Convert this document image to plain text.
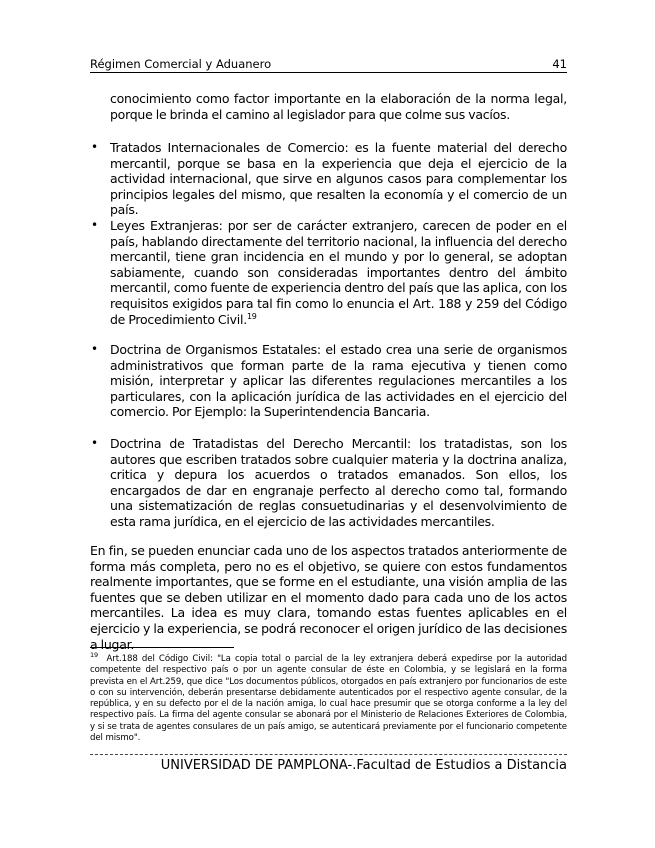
Régimen Comercial y Aduanero	41
conocimiento como factor importante en la elaboración de la norma legal, porque le brinda el camino al legislador para que colme sus vacíos.
• Tratados Internacionales de Comercio: es la fuente material del derecho mercantil, porque se basa en la experiencia que deja el ejercicio de la actividad internacional, que sirve en algunos casos para complementar los principios legales del mismo, que resalten la economía y el comercio de un país.
• Leyes Extranjeras: por ser de carácter extranjero, carecen de poder en el país, hablando directamente del territorio nacional, la influencia del derecho mercantil, tiene gran incidencia en el mundo y por lo general, se adoptan sabiamente, cuando son consideradas importantes dentro del ámbito mercantil, como fuente de experiencia dentro del país que las aplica, con los requisitos exigidos para tal fin como lo enuncia el Art. 188 y 259 del Código de Procedimiento Civil.$^{19}$
• Doctrina de Organismos Estatales: el estado crea una serie de organismos administrativos que forman parte de la rama ejecutiva y tienen como misión, interpretar y aplicar las diferentes regulaciones mercantiles a los particulares, con la aplicación jurídica de las actividades en el ejercicio del comercio. Por Ejemplo: la Superintendencia Bancaria.
• Doctrina de Tratadistas del Derecho Mercantil: los tratadistas, son los autores que escriben tratados sobre cualquier materia y la doctrina analiza, critica y depura los acuerdos o tratados emanados. Son ellos, los encargados de dar en engranaje perfecto al derecho como tal, formando una sistematización de reglas consuetudinarias y el desenvolvimiento de esta rama jurídica, en el ejercicio de las actividades mercantiles.
En fin, se pueden enunciar cada uno de los aspectos tratados anteriormente de forma más completa, pero no es el objetivo, se quiere con estos fundamentos realmente importantes, que se forme en el estudiante, una visión amplia de las fuentes que se deben utilizar en el momento dado para cada uno de los actos mercantiles. La idea es muy clara, tomando estas fuentes aplicables en el ejercicio y la experiencia, se podrá reconocer el origen jurídico de las decisiones a lugar.
$^{19}$ Art.188 del Código Civil: "La copia total o parcial de la ley extranjera deberá expedirse por la autoridad competente del respectivo país o por un agente consular de éste en Colombia, y se legislará en la forma prevista en el Art.259, que dice "Los documentos públicos, otorgados en país extranjero por funcionarios de este o con su intervención, deberán presentarse debidamente autenticados por el respectivo agente consular, de la república, y en su defecto por el de la nación amiga, lo cual hace presumir que se otorga conforme a la ley del respectivo país. La firma del agente consular se abonará por el Ministerio de Relaciones Exteriores de Colombia, y si se trata de agentes consulares de un país amigo, se autenticará previamente por el funcionario competente del mismo".
UNIVERSIDAD DE PAMPLONA-.Facultad de Estudios a Distancia
